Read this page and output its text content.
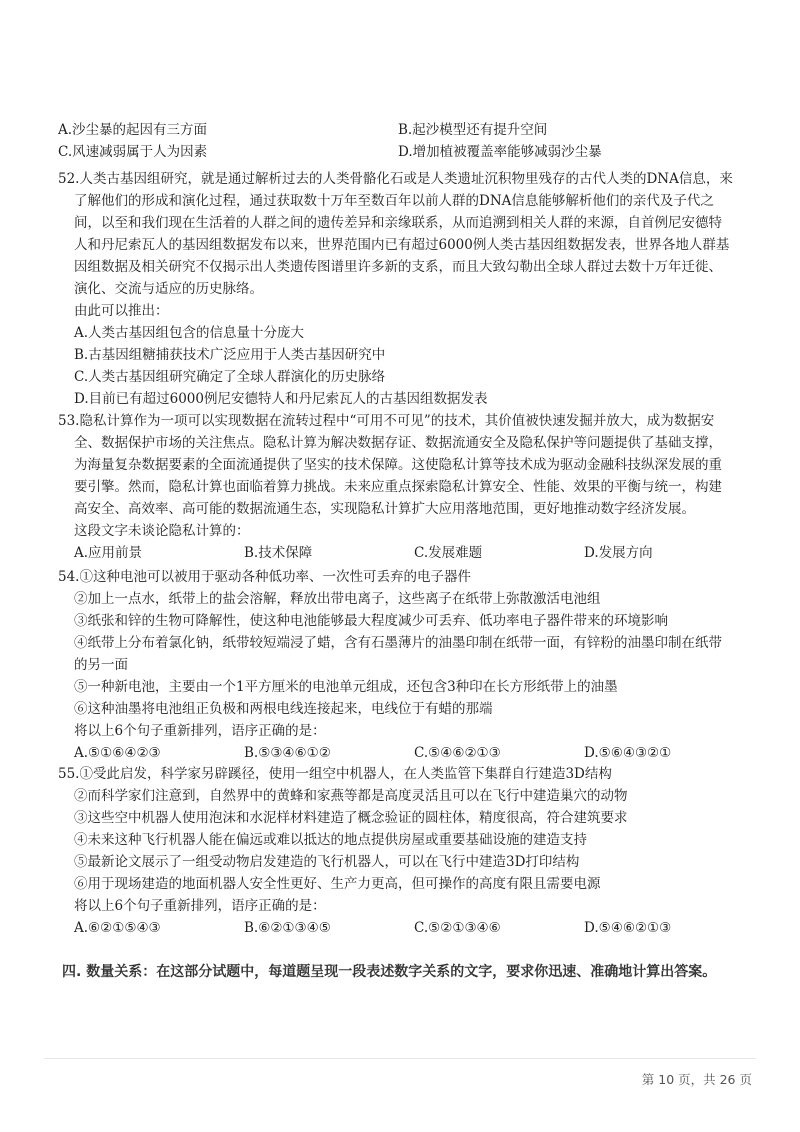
A.沙尘暴的起因有三方面	B.起沙模型还有提升空间
C.风速减弱属于人为因素	D.增加植被覆盖率能够减弱沙尘暴
52.人类古基因组研究，就是通过解析过去的人类骨骼化石或是人类遗址沉积物里残存的古代人类的DNA信息，来
了解他们的形成和演化过程，通过获取数十万年至数百年以前人群的DNA信息能够解析他们的亲代及子代之
间，以至和我们现在生活着的人群之间的遗传差异和亲缘联系，从而追溯到相关人群的来源，自首例尼安德特
人和丹尼索瓦人的基因组数据发布以来，世界范围内已有超过6000例人类古基因组数据发表，世界各地人群基
因组数据及相关研究不仅揭示出人类遗传图谱里许多新的支系，而且大致勾勒出全球人群过去数十万年迁徙、
演化、交流与适应的历史脉络。
由此可以推出：
A.人类古基因组包含的信息量十分庞大
B.古基因组糖捕获技术广泛应用于人类古基因研究中
C.人类古基因组研究确定了全球人群演化的历史脉络
D.目前已有超过6000例尼安德特人和丹尼索瓦人的古基因组数据发表
53.隐私计算作为一项可以实现数据在流转过程中“可用不可见”的技术，其价值被快速发掘并放大，成为数据安
全、数据保护市场的关注焦点。隐私计算为解决数据存证、数据流通安全及隐私保护等问题提供了基础支撑，
为海量复杂数据要素的全面流通提供了坚实的技术保障。这使隐私计算等技术成为驱动金融科技纵深发展的重
要引擎。然而，隐私计算也面临着算力挑战。未来应重点探索隐私计算安全、性能、效果的平衡与统一，构建
高安全、高效率、高可能的数据流通生态，实现隐私计算扩大应用落地范围，更好地推动数字经济发展。
这段文字未谈论隐私计算的：
A.应用前景	B.技术保障	C.发展难题	D.发展方向
54.①这种电池可以被用于驱动各种低功率、一次性可丢弃的电子器件
②加上一点水，纸带上的盐会溶解，释放出带电离子，这些离子在纸带上弥散激活电池组
③纸张和锌的生物可降解性，使这种电池能够最大程度减少可丢弃、低功率电子器件带来的环境影响
④纸带上分布着氯化钠，纸带较短端浸了蜡，含有石墨薄片的油墨印制在纸带一面，有锌粉的油墨印制在纸带
的另一面
⑤一种新电池，主要由一个1平方厘米的电池单元组成，还包含3种印在长方形纸带上的油墨
⑥这种油墨将电池组正负极和两根电线连接起来，电线位于有蜡的那端
将以上6个句子重新排列，语序正确的是：
A.⑤①⑥④②③	B.⑤③④⑥①②	C.⑤④⑥②①③	D.⑤⑥④③②①
55.①受此启发，科学家另辟蹊径，使用一组空中机器人，在人类监管下集群自行建造3D结构
②而科学家们注意到，自然界中的黄蜂和家燕等都是高度灵活且可以在飞行中建造巢穴的动物
③这些空中机器人使用泡沫和水泥样材料建造了概念验证的圆柱体，精度很高，符合建筑要求
④未来这种飞行机器人能在偏远或难以抵达的地点提供房屋或重要基础设施的建造支持
⑤最新论文展示了一组受动物启发建造的飞行机器人，可以在飞行中建造3D打印结构
⑥用于现场建造的地面机器人安全性更好、生产力更高，但可操作的高度有限且需要电源
将以上6个句子重新排列，语序正确的是：
A.⑥②①⑤④③	B.⑥②①③④⑤	C.⑤②①③④⑥	D.⑤④⑥②①③
四. 数量关系：在这部分试题中，每道题呈现一段表述数字关系的文字，要求你迅速、准确地计算出答案。
第 10 页，共 26 页
